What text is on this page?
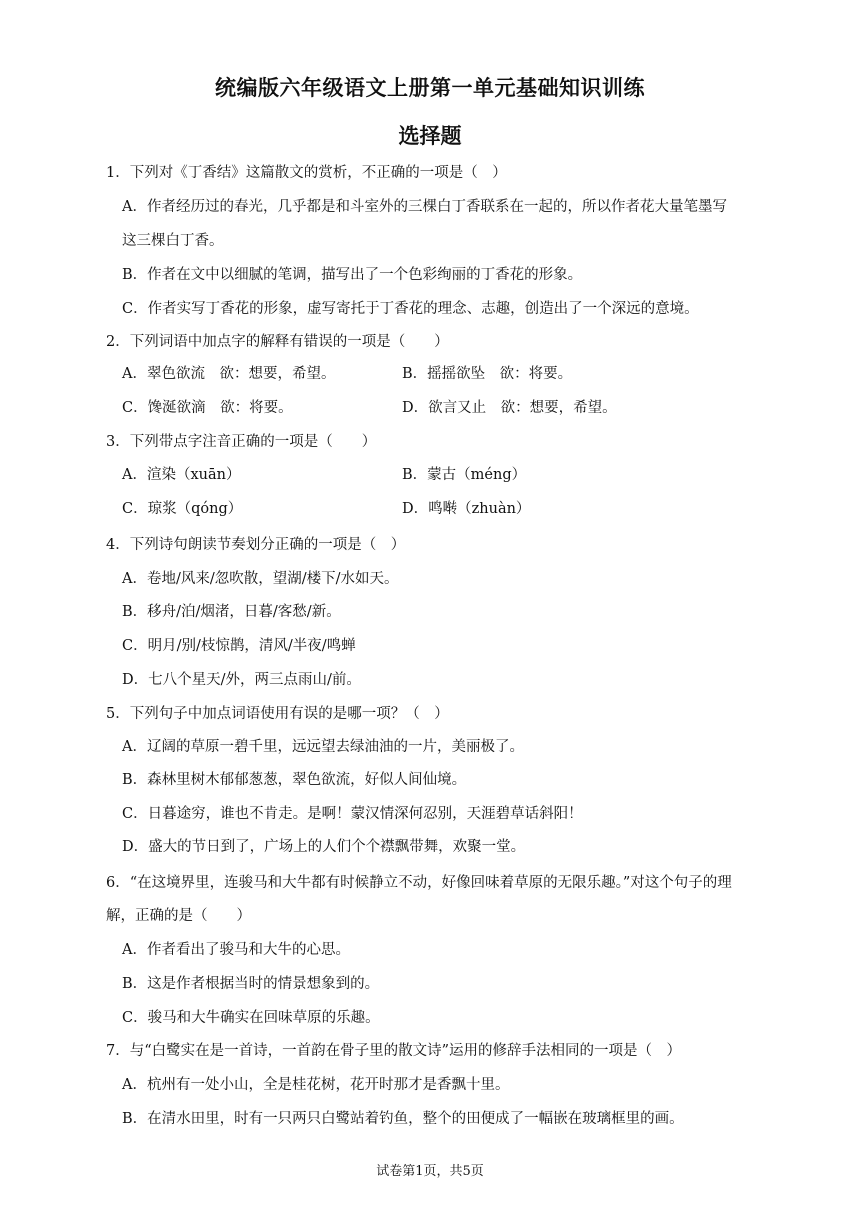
统编版六年级语文上册第一单元基础知识训练
选择题
1．下列对《丁香结》这篇散文的赏析，不正确的一项是（　）
A．作者经历过的春光，几乎都是和斗室外的三棵白丁香联系在一起的，所以作者花大量笔墨写
这三棵白丁香。
B．作者在文中以细腻的笔调，描写出了一个色彩绚丽的丁香花的形象。
C．作者实写丁香花的形象，虚写寄托于丁香花的理念、志趣，创造出了一个深远的意境。
2．下列词语中加点字的解释有错误的一项是（　　）
A．翠色欲流　欲：想要，希望。	B．摇摇欲坠　欲：将要。
C．馋涎欲滴　欲：将要。	D．欲言又止　欲：想要，希望。
3．下列带点字注音正确的一项是（　　）
A．渲染（xuān）	B．蒙古（méng）
C．琼浆（qóng）	D．鸣啭（zhuàn）
4．下列诗句朗读节奏划分正确的一项是（　）
A．卷地/风来/忽吹散，望湖/楼下/水如天。
B．移舟/泊/烟渚，日暮/客愁/新。
C．明月/别/枝惊鹊，清风/半夜/鸣蝉
D．七八个星天/外，两三点雨山/前。
5．下列句子中加点词语使用有误的是哪一项？（　）
A．辽阔的草原一碧千里，远远望去绿油油的一片，美丽极了。
B．森林里树木郁郁葱葱，翠色欲流，好似人间仙境。
C．日暮途穷，谁也不肯走。是啊！蒙汉情深何忍别，天涯碧草话斜阳！
D．盛大的节日到了，广场上的人们个个襟飘带舞，欢聚一堂。
6．“在这境界里，连骏马和大牛都有时候静立不动，好像回味着草原的无限乐趣。”对这个句子的理
解，正确的是（　　）
A．作者看出了骏马和大牛的心思。
B．这是作者根据当时的情景想象到的。
C．骏马和大牛确实在回味草原的乐趣。
7．与“白鹭实在是一首诗，一首韵在骨子里的散文诗”运用的修辞手法相同的一项是（　）
A．杭州有一处小山，全是桂花树，花开时那才是香飘十里。
B．在清水田里，时有一只两只白鹭站着钓鱼，整个的田便成了一幅嵌在玻璃框里的画。
试卷第1页，共5页
